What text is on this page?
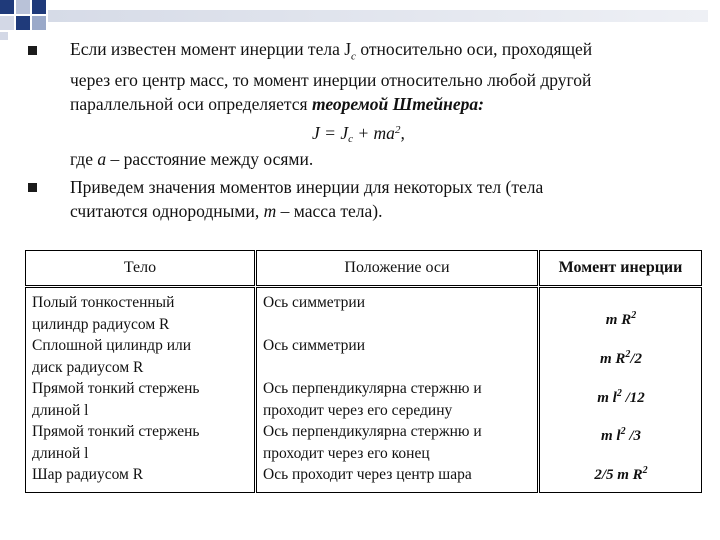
Если известен момент инерции тела $J_c$ относительно оси, проходящей
через его центр масс, то момент инерции относительно любой другой
параллельной оси определяется теоремой Штейнера:
$J = J_c + ma^2$,
где a – расстояние между осями.
Приведем значения моментов инерции для некоторых тел (тела
считаются однородными, m – масса тела).
Тело	Положение оси	Момент инерции
Полый тонкостенный
цилиндр радиусом R
Сплошной цилиндр или
диск радиусом R
Прямой тонкий стержень
длиной l
Прямой тонкий стержень
длиной l
Шар радиусом R
Ось симметрии

Ось симметрии

Ось перпендикулярна стержню и
проходит через его середину
Ось перпендикулярна стержню и
проходит через его конец
Ось проходит через центр шара
m $R^2$
m $R^2/2$
m $l^2$ /12
m $l^2$ /3
2/5 m $R^2$
